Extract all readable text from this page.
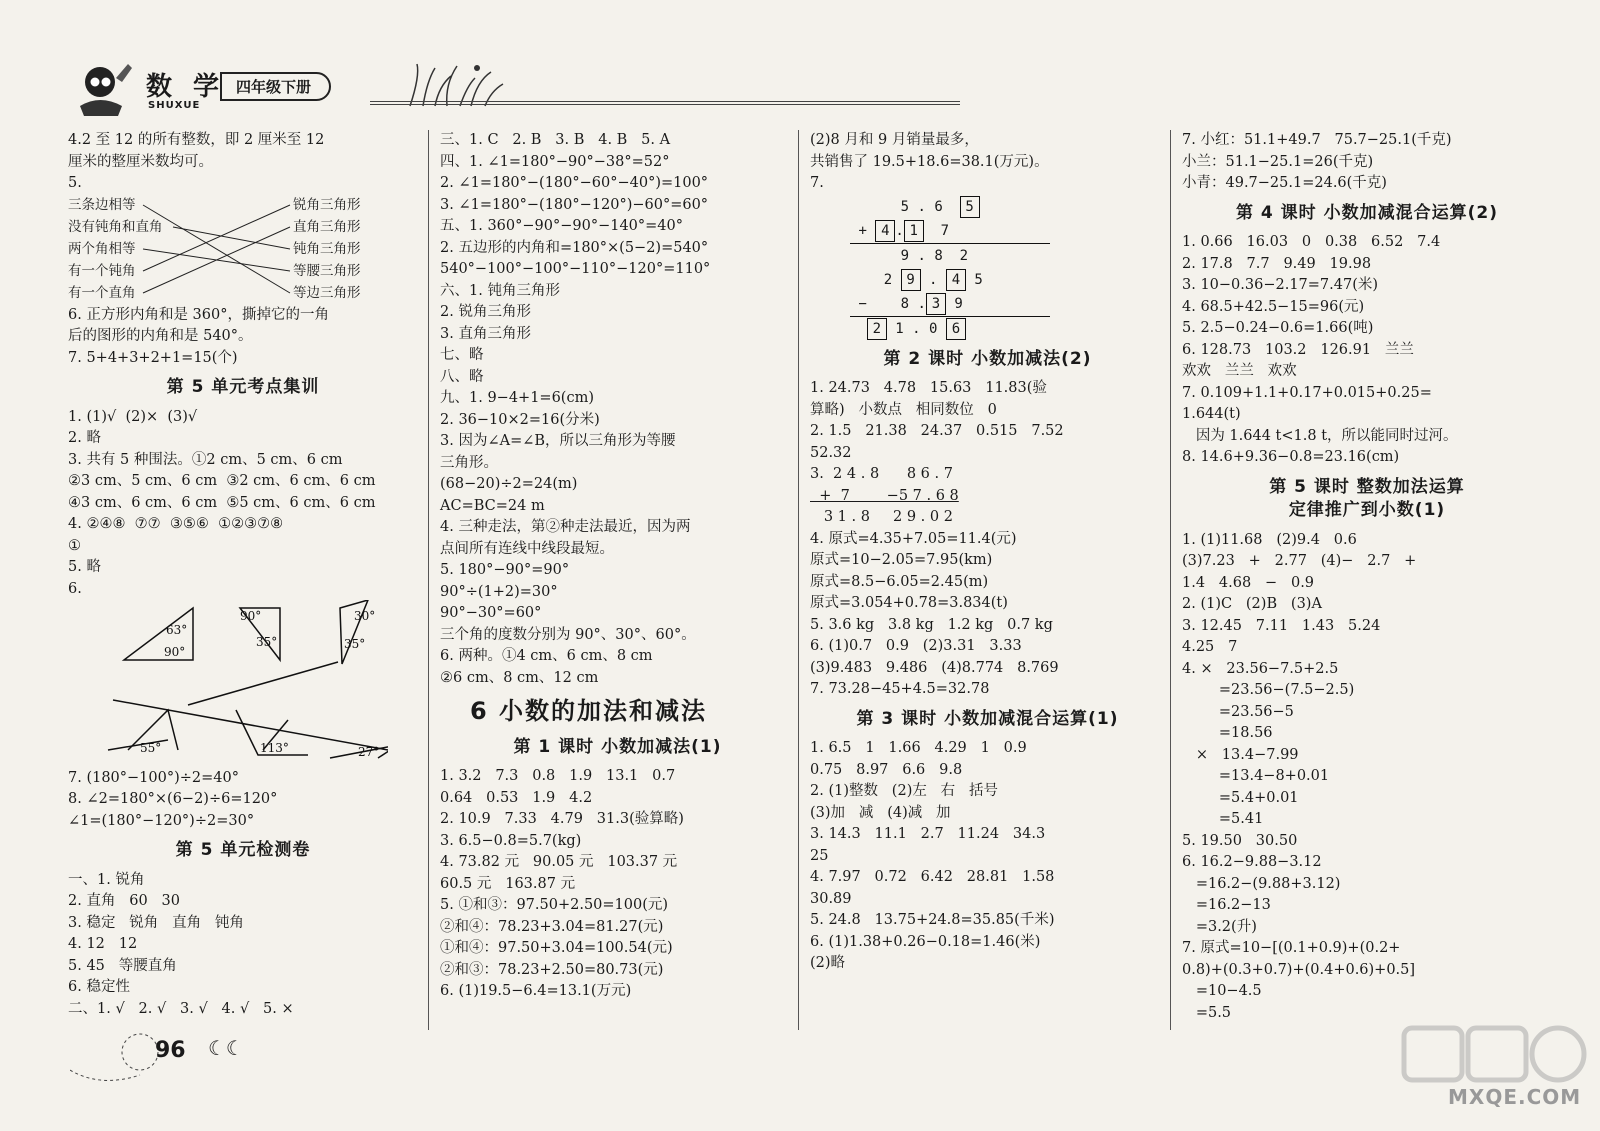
数 学
SHUXUE
四年级下册
4.2 至 12 的所有整数，即 2 厘米至 12
厘米的整厘米数均可。
5.
三条边相等
没有钝角和直角
两个角相等
有一个钝角
有一个直角
锐角三角形
直角三角形
钝角三角形
等腰三角形
等边三角形
6. 正方形内角和是 360°，撕掉它的一角
后的图形的内角和是 540°。
7. 5+4+3+2+1=15(个)
第 5 单元考点集训
1. (1)√  (2)×  (3)√
2. 略
3. 共有 5 种围法。①2 cm、5 cm、6 cm
②3 cm、5 cm、6 cm  ③2 cm、6 cm、6 cm
④3 cm、6 cm、6 cm  ⑤5 cm、6 cm、6 cm
4. ②④⑧  ⑦⑦  ③⑤⑥  ①②③⑦⑧
①
5. 略
6.
63°
90°
90°
35°
30°
35°
55°	113°	27°
7. (180°−100°)÷2=40°
8. ∠2=180°×(6−2)÷6=120°
∠1=(180°−120°)÷2=30°
第 5 单元检测卷
一、1. 锐角
2. 直角   60   30
3. 稳定   锐角   直角   钝角
4. 12   12
5. 45   等腰直角
6. 稳定性
二、1. √   2. √   3. √   4. √   5. ×
三、1. C   2. B   3. B   4. B   5. A
四、1. ∠1=180°−90°−38°=52°
2. ∠1=180°−(180°−60°−40°)=100°
3. ∠1=180°−(180°−120°)−60°=60°
五、1. 360°−90°−90°−140°=40°
2. 五边形的内角和=180°×(5−2)=540°
540°−100°−100°−110°−120°=110°
六、1. 钝角三角形
2. 锐角三角形
3. 直角三角形
七、略
八、略
九、1. 9−4+1=6(cm)
2. 36−10×2=16(分米)
3. 因为∠A=∠B，所以三角形为等腰
三角形。
(68−20)÷2=24(m)
AC=BC=24 m
4. 三种走法，第②种走法最近，因为两
点间所有连线中线段最短。
5. 180°−90°=90°
90°÷(1+2)=30°
90°−30°=60°
三个角的度数分别为 90°、30°、60°。
6. 两种。①4 cm、6 cm、8 cm
②6 cm、8 cm、12 cm
6 小数的加法和减法
第 1 课时 小数加减法(1)
1. 3.2   7.3   0.8   1.9   13.1   0.7
0.64   0.53   1.9   4.2
2. 10.9   7.33   4.79   31.3(验算略)
3. 6.5−0.8=5.7(kg)
4. 73.82 元   90.05 元   103.37 元
60.5 元   163.87 元
5. ①和③：97.50+2.50=100(元)
②和④：78.23+3.04=81.27(元)
①和④：97.50+3.04=100.54(元)
②和③：78.23+2.50=80.73(元)
6. (1)19.5−6.4=13.1(万元)
(2)8 月和 9 月销量最多，
共销售了 19.5+18.6=38.1(万元)。
7.
5 . 6 5
+ 4 . 1 7
9 . 8 2
2 9 . 4 5
− 8 . 3 9
2 1 . 0 6
第 2 课时 小数加减法(2)
1. 24.73   4.78   15.63   11.83(验
算略)   小数点   相同数位   0
2. 1.5   21.38   24.37   0.515   7.52
52.32
3.  2 4 . 8      8 6 . 7
+  7        −5 7 . 6 8
3 1 . 8     2 9 . 0 2
4. 原式=4.35+7.05=11.4(元)
原式=10−2.05=7.95(km)
原式=8.5−6.05=2.45(m)
原式=3.054+0.78=3.834(t)
5. 3.6 kg   3.8 kg   1.2 kg   0.7 kg
6. (1)0.7   0.9   (2)3.31   3.33
(3)9.483   9.486   (4)8.774   8.769
7. 73.28−45+4.5=32.78
第 3 课时 小数加减混合运算(1)
1. 6.5   1   1.66   4.29   1   0.9
0.75   8.97   6.6   9.8
2. (1)整数   (2)左   右   括号
(3)加   减   (4)减   加
3. 14.3   11.1   2.7   11.24   34.3
25
4. 7.97   0.72   6.42   28.81   1.58
30.89
5. 24.8   13.75+24.8=35.85(千米)
6. (1)1.38+0.26−0.18=1.46(米)
(2)略
7. 小红：51.1+49.7   75.7−25.1(千克)
小兰：51.1−25.1=26(千克)
小青：49.7−25.1=24.6(千克)
第 4 课时 小数加减混合运算(2)
1. 0.66   16.03   0   0.38   6.52   7.4
2. 17.8   7.7   9.49   19.98
3. 10−0.36−2.17=7.47(米)
4. 68.5+42.5−15=96(元)
5. 2.5−0.24−0.6=1.66(吨)
6. 128.73   103.2   126.91   兰兰
欢欢   兰兰   欢欢
7. 0.109+1.1+0.17+0.015+0.25=
1.644(t)
因为 1.644 t<1.8 t，所以能同时过河。
8. 14.6+9.36−0.8=23.16(cm)
第 5 课时 整数加法运算
定律推广到小数(1)
1. (1)11.68   (2)9.4   0.6
(3)7.23   +   2.77   (4)−   2.7   +
1.4   4.68   −   0.9
2. (1)C   (2)B   (3)A
3. 12.45   7.11   1.43   5.24
4.25   7
4. ×   23.56−7.5+2.5
=23.56−(7.5−2.5)
=23.56−5
=18.56
×   13.4−7.99
=13.4−8+0.01
=5.4+0.01
=5.41
5. 19.50   30.50
6. 16.2−9.88−3.12
=16.2−(9.88+3.12)
=16.2−13
=3.2(升)
7. 原式=10−[(0.1+0.9)+(0.2+
0.8)+(0.3+0.7)+(0.4+0.6)+0.5]
=10−4.5
=5.5
96 ☾☾
MXQE.COM
